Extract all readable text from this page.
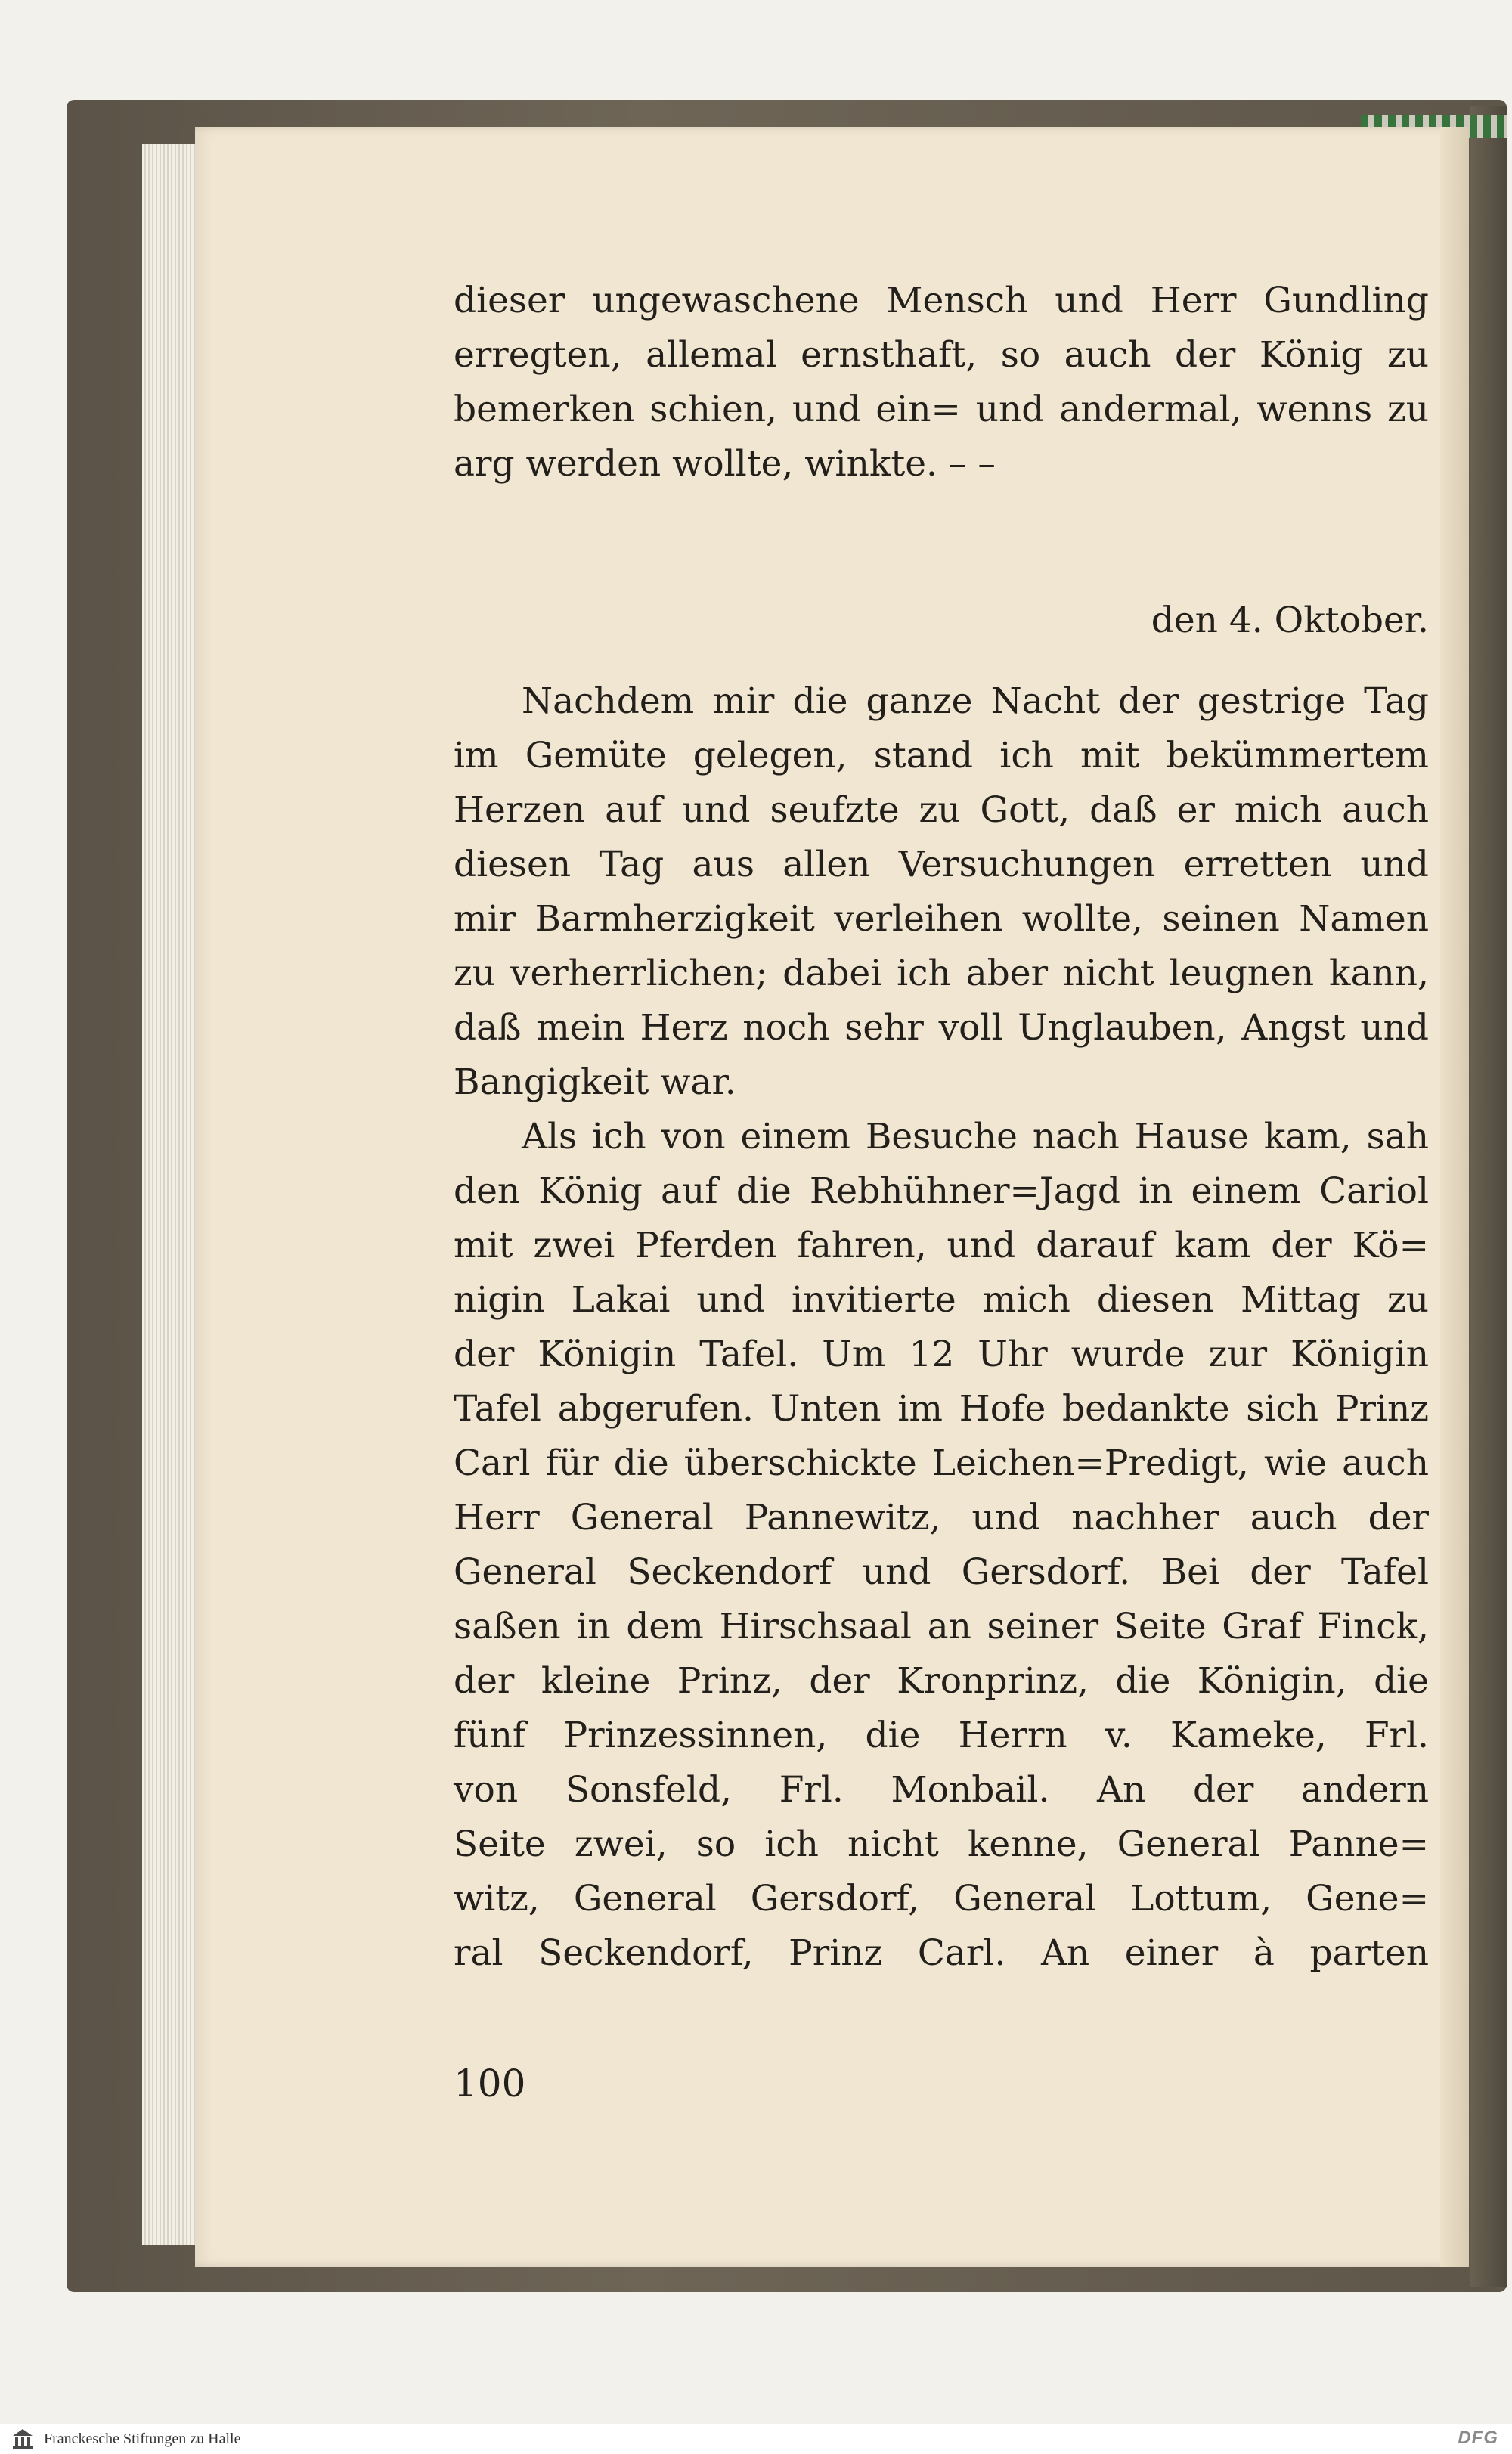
dieser ungewaschene Mensch und Herr Gundling
erregten, allemal ernsthaft, so auch der König zu
bemerken schien, und ein= und andermal, wenns zu
arg werden wollte, winkte. – –
den 4. Oktober.
Nachdem mir die ganze Nacht der gestrige Tag
im Gemüte gelegen, stand ich mit bekümmertem
Herzen auf und seufzte zu Gott, daß er mich auch
diesen Tag aus allen Versuchungen erretten und
mir Barmherzigkeit verleihen wollte, seinen Namen
zu verherrlichen; dabei ich aber nicht leugnen kann,
daß mein Herz noch sehr voll Unglauben, Angst und
Bangigkeit war.
Als ich von einem Besuche nach Hause kam, sah
den König auf die Rebhühner=Jagd in einem Cariol
mit zwei Pferden fahren, und darauf kam der Kö=
nigin Lakai und invitierte mich diesen Mittag zu
der Königin Tafel. Um 12 Uhr wurde zur Königin
Tafel abgerufen. Unten im Hofe bedankte sich Prinz
Carl für die überschickte Leichen=Predigt, wie auch
Herr General Pannewitz, und nachher auch der
General Seckendorf und Gersdorf. Bei der Tafel
saßen in dem Hirschsaal an seiner Seite Graf Finck,
der kleine Prinz, der Kronprinz, die Königin, die
fünf Prinzessinnen, die Herrn v. Kameke, Frl.
von Sonsfeld, Frl. Monbail. An der andern
Seite zwei, so ich nicht kenne, General Panne=
witz, General Gersdorf, General Lottum, Gene=
ral Seckendorf, Prinz Carl. An einer à parten
100
Franckesche Stiftungen zu Halle	DFG
